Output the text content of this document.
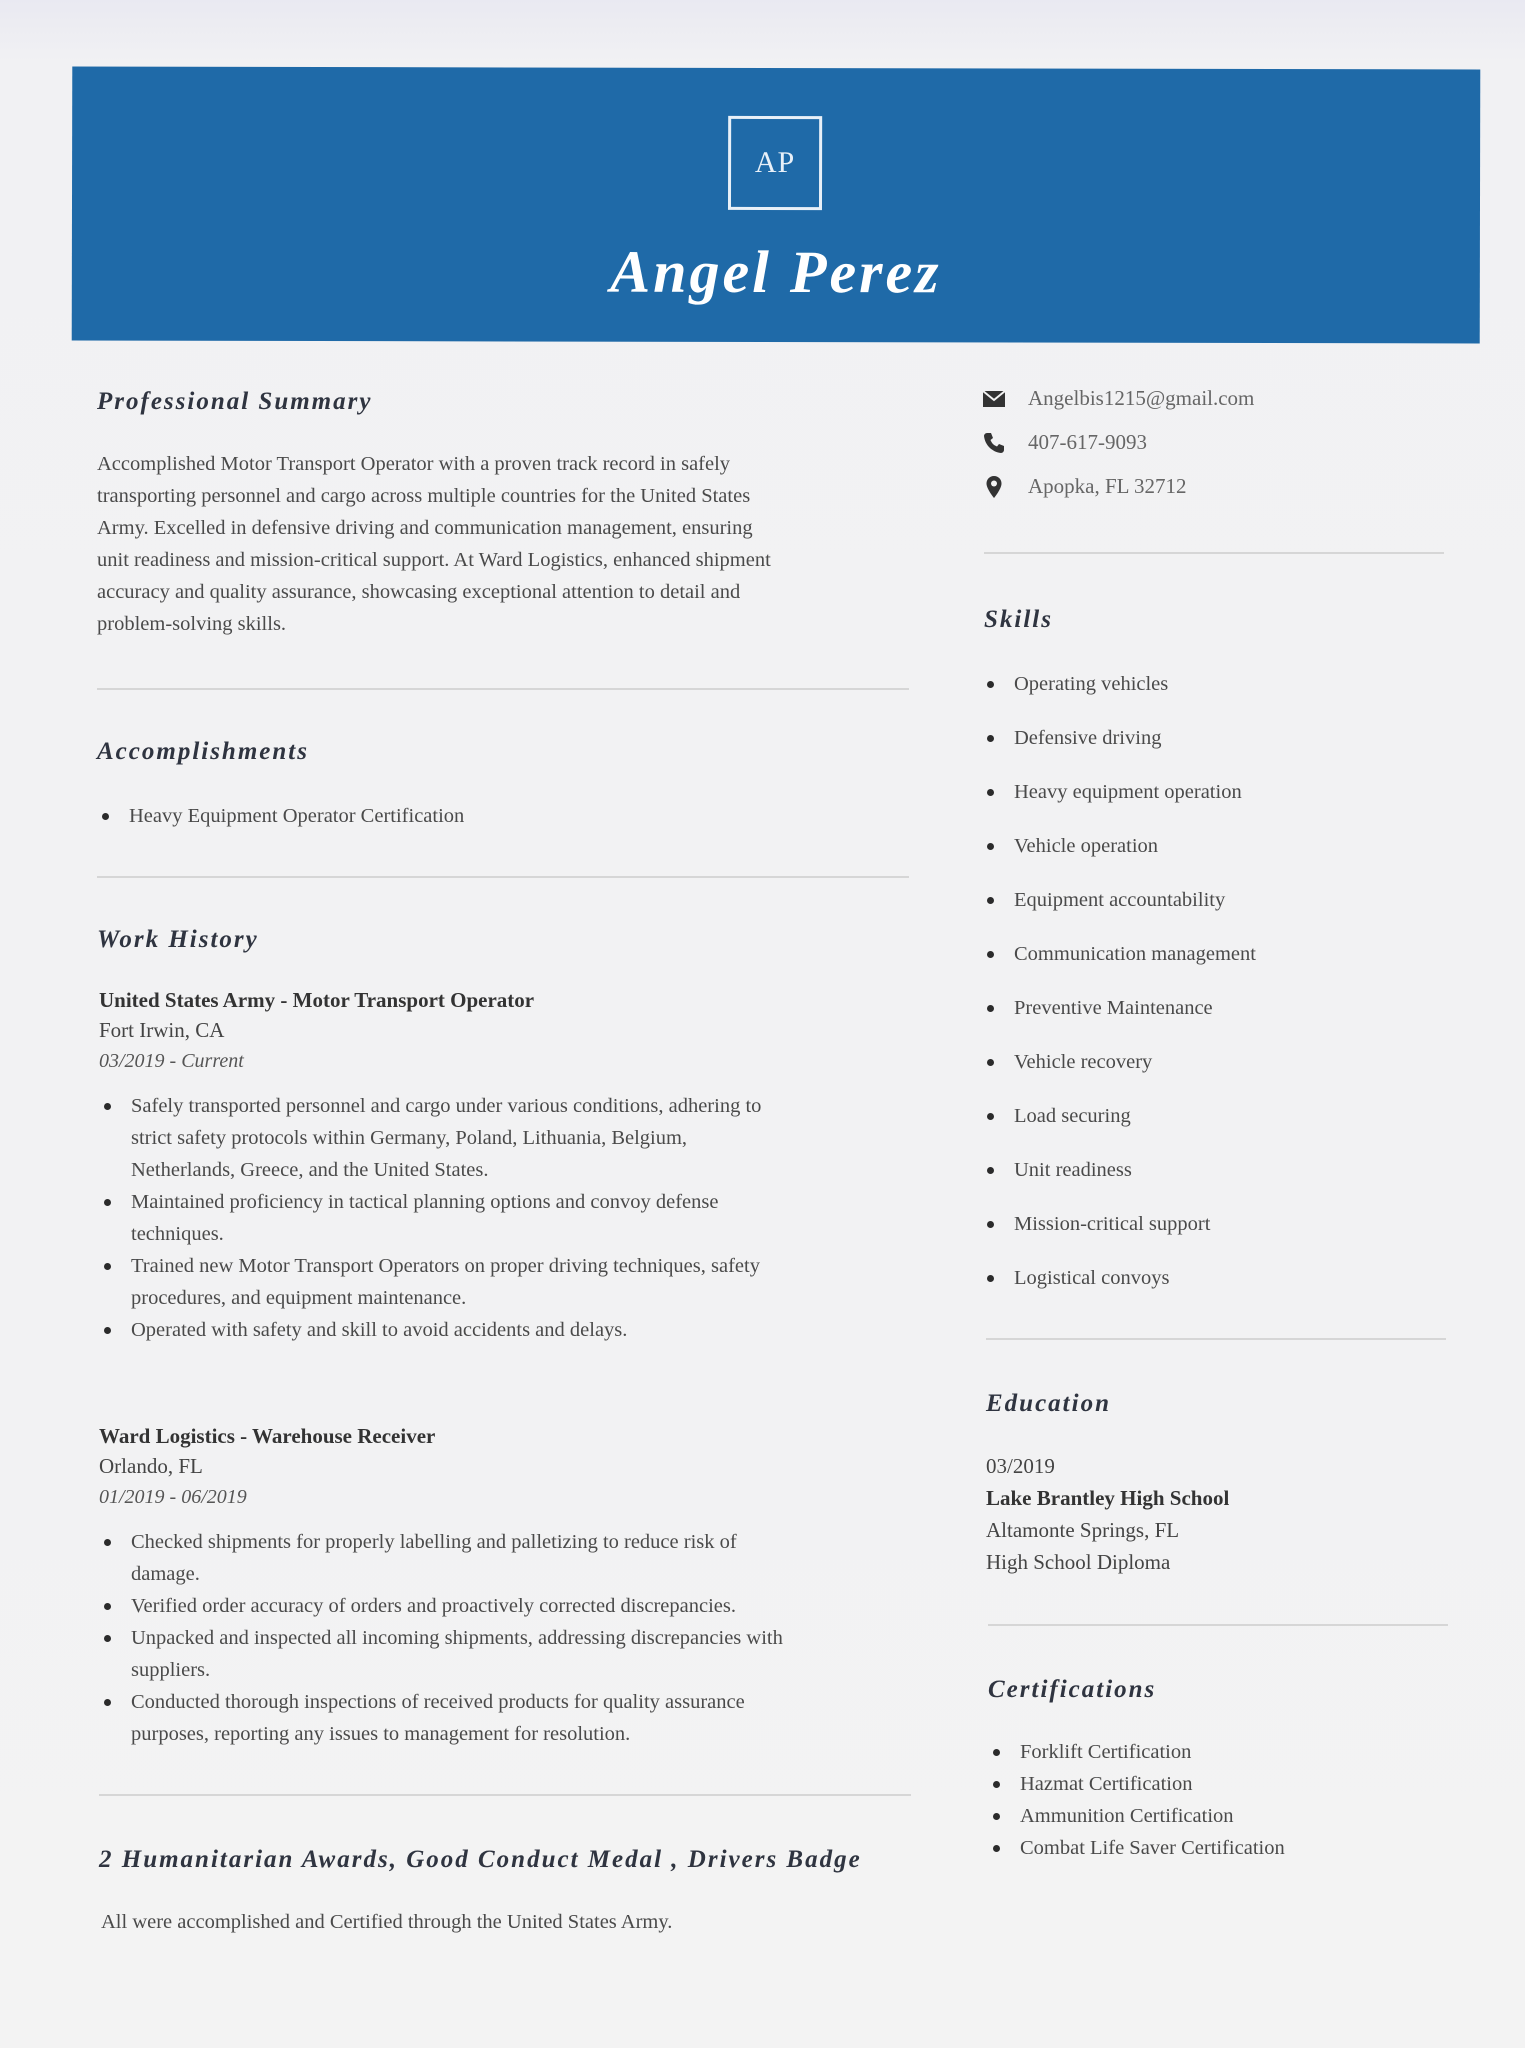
AP
Angel Perez
Professional Summary
Accomplished Motor Transport Operator with a proven track record in safely
transporting personnel and cargo across multiple countries for the United States
Army. Excelled in defensive driving and communication management, ensuring
unit readiness and mission-critical support. At Ward Logistics, enhanced shipment
accuracy and quality assurance, showcasing exceptional attention to detail and
problem-solving skills.
Accomplishments
Heavy Equipment Operator Certification
Work History
United States Army - Motor Transport Operator
Fort Irwin, CA
03/2019 - Current
Safely transported personnel and cargo under various conditions, adhering to
strict safety protocols within Germany, Poland, Lithuania, Belgium,
Netherlands, Greece, and the United States.
Maintained proficiency in tactical planning options and convoy defense
techniques.
Trained new Motor Transport Operators on proper driving techniques, safety
procedures, and equipment maintenance.
Operated with safety and skill to avoid accidents and delays.
Ward Logistics - Warehouse Receiver
Orlando, FL
01/2019 - 06/2019
Checked shipments for properly labelling and palletizing to reduce risk of
damage.
Verified order accuracy of orders and proactively corrected discrepancies.
Unpacked and inspected all incoming shipments, addressing discrepancies with
suppliers.
Conducted thorough inspections of received products for quality assurance
purposes, reporting any issues to management for resolution.
2 Humanitarian Awards, Good Conduct Medal , Drivers Badge
All were accomplished and Certified through the United States Army.
Angelbis1215@gmail.com
407-617-9093
Apopka, FL 32712
Skills
Operating vehicles
Defensive driving
Heavy equipment operation
Vehicle operation
Equipment accountability
Communication management
Preventive Maintenance
Vehicle recovery
Load securing
Unit readiness
Mission-critical support
Logistical convoys
Education
03/2019
Lake Brantley High School
Altamonte Springs, FL
High School Diploma
Certifications
Forklift Certification
Hazmat Certification
Ammunition Certification
Combat Life Saver Certification
